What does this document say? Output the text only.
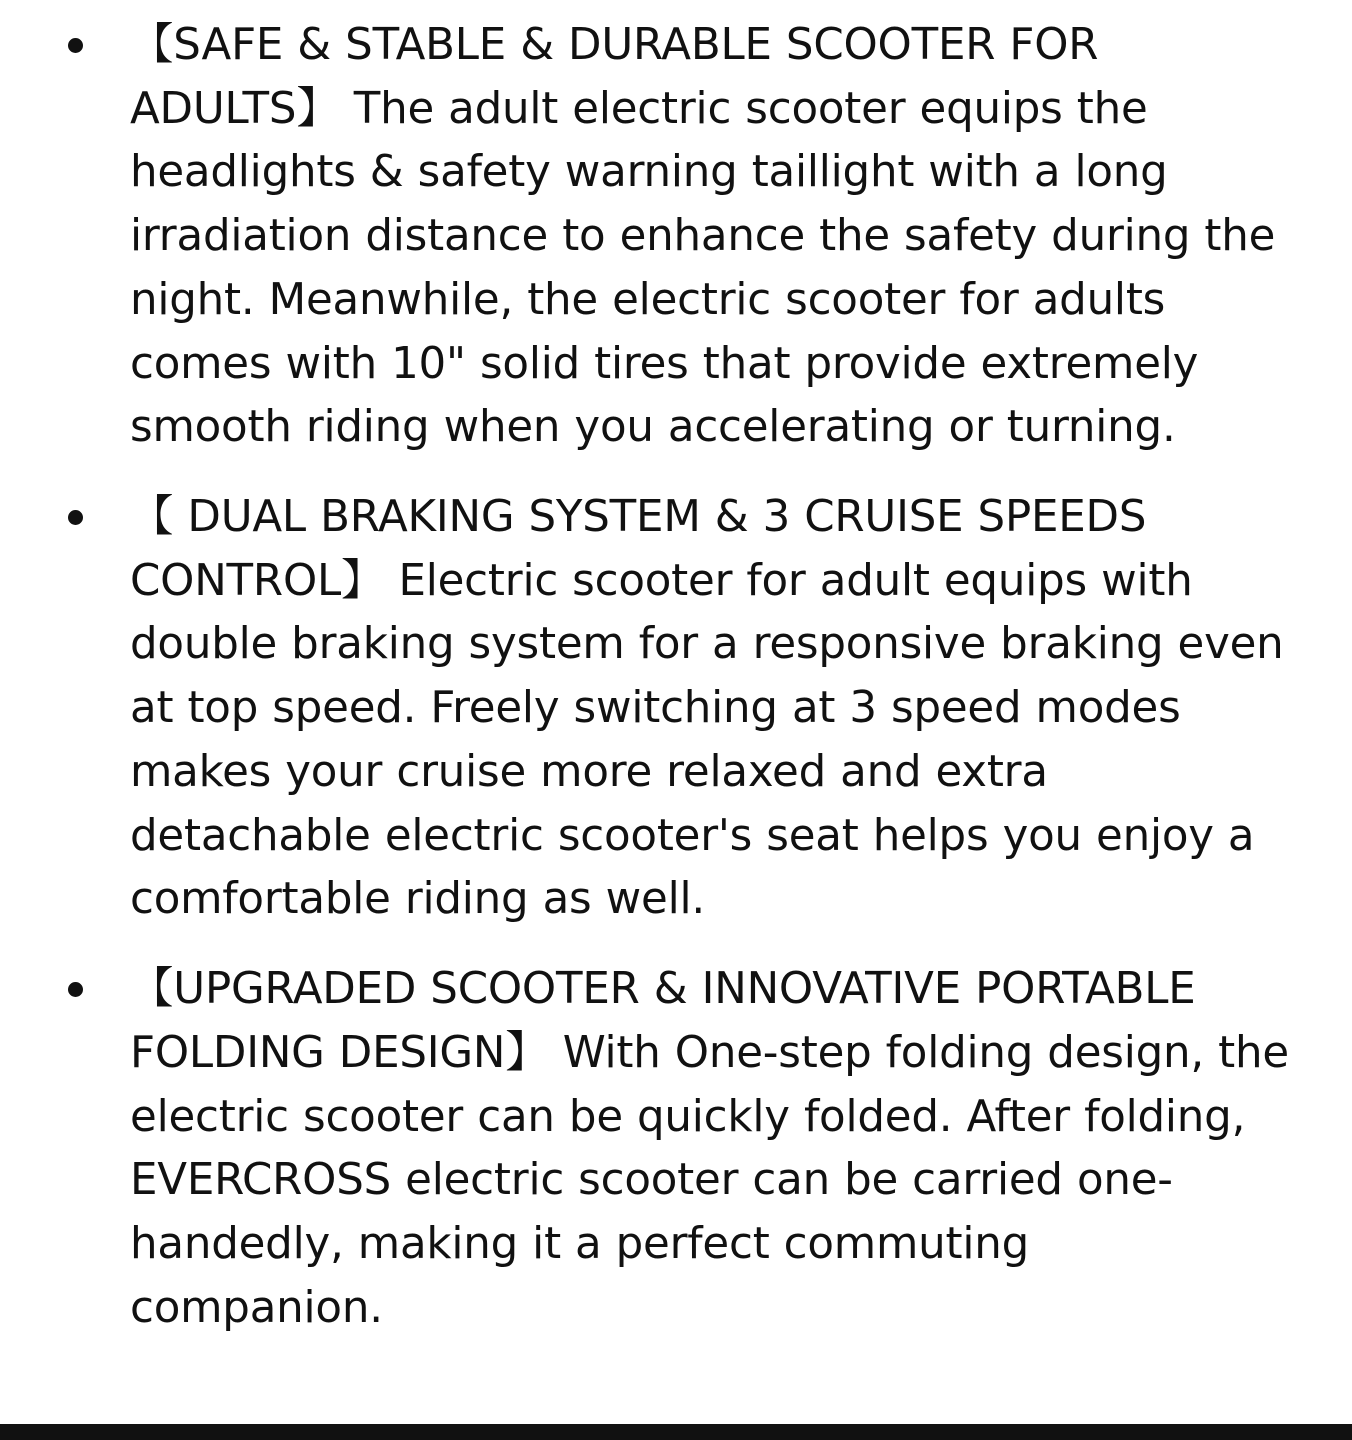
【SAFE & STABLE & DURABLE SCOOTER FOR ADULTS】 The adult electric scooter equips the headlights & safety warning taillight with a long irradiation distance to enhance the safety during the night. Meanwhile, the electric scooter for adults comes with 10" solid tires that provide extremely smooth riding when you accelerating or turning.
【 DUAL BRAKING SYSTEM & 3 CRUISE SPEEDS CONTROL】 Electric scooter for adult equips with double braking system for a responsive braking even at top speed. Freely switching at 3 speed modes makes your cruise more relaxed and extra detachable electric scooter's seat helps you enjoy a comfortable riding as well.
【UPGRADED SCOOTER & INNOVATIVE PORTABLE FOLDING DESIGN】 With One-step folding design, the electric scooter can be quickly folded. After folding, EVERCROSS electric scooter can be carried one-handedly, making it a perfect commuting companion.
